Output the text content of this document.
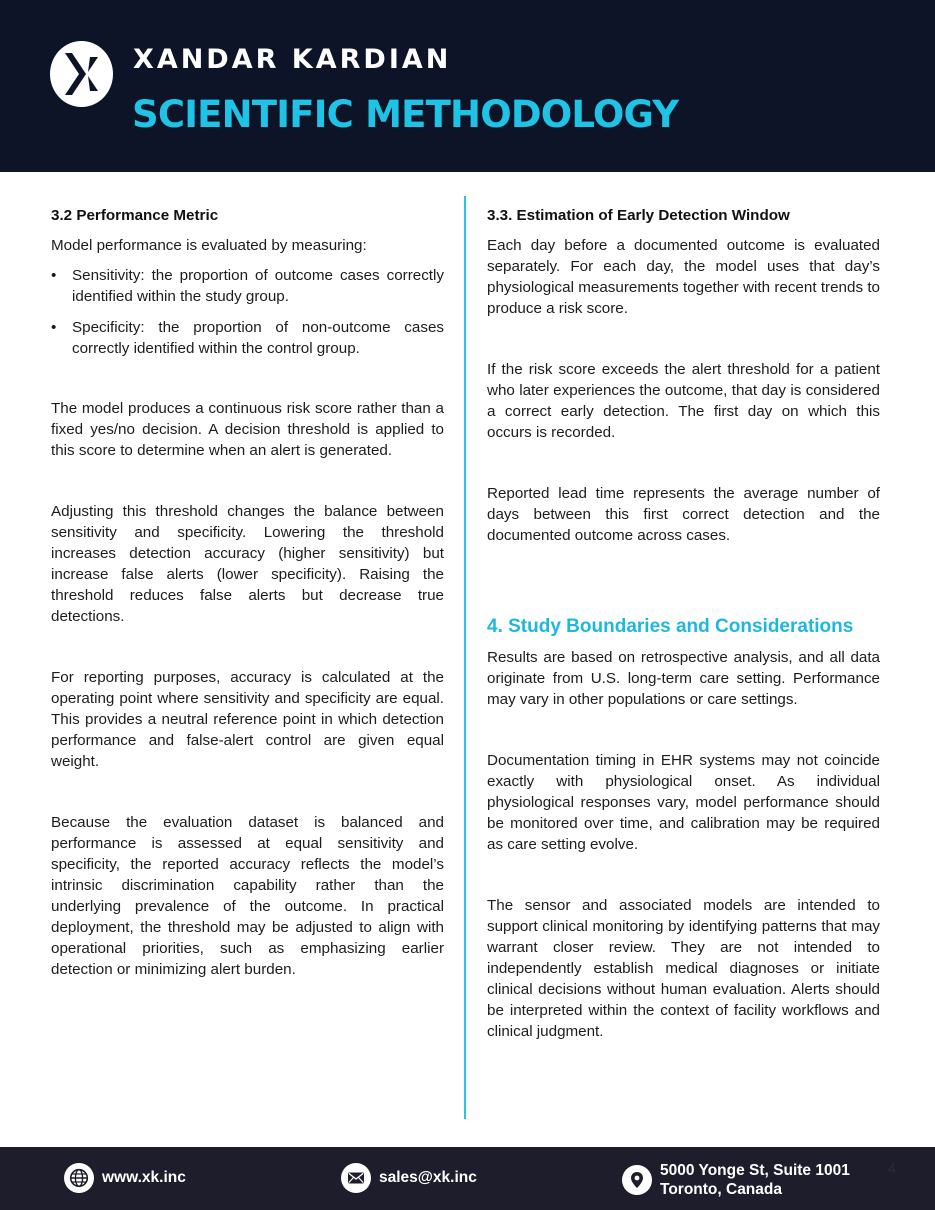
XANDAR KARDIAN
SCIENTIFIC METHODOLOGY
3.2 Performance Metric

Model performance is evaluated by measuring:

• Sensitivity: the proportion of outcome cases correctly identified within the study group.
• Specificity: the proportion of non-outcome cases correctly identified within the control group.

The model produces a continuous risk score rather than a fixed yes/no decision. A decision threshold is applied to this score to determine when an alert is generated.

Adjusting this threshold changes the balance between sensitivity and specificity. Lowering the threshold increases detection accuracy (higher sensitivity) but increase false alerts (lower specificity). Raising the threshold reduces false alerts but decrease true detections.

For reporting purposes, accuracy is calculated at the operating point where sensitivity and specificity are equal. This provides a neutral reference point in which detection performance and false-alert control are given equal weight.

Because the evaluation dataset is balanced and performance is assessed at equal sensitivity and specificity, the reported accuracy reflects the model’s intrinsic discrimination capability rather than the underlying prevalence of the outcome. In practical deployment, the threshold may be adjusted to align with operational priorities, such as emphasizing earlier detection or minimizing alert burden.

3.3. Estimation of Early Detection Window

Each day before a documented outcome is evaluated separately. For each day, the model uses that day’s physiological measurements together with recent trends to produce a risk score.

If the risk score exceeds the alert threshold for a patient who later experiences the outcome, that day is considered a correct early detection. The first day on which this occurs is recorded.

Reported lead time represents the average number of days between this first correct detection and the documented outcome across cases.

4. Study Boundaries and Considerations

Results are based on retrospective analysis, and all data originate from U.S. long-term care setting. Performance may vary in other populations or care settings.

Documentation timing in EHR systems may not coincide exactly with physiological onset. As individual physiological responses vary, model performance should be monitored over time, and calibration may be required as care setting evolve.

The sensor and associated models are intended to support clinical monitoring by identifying patterns that may warrant closer review. They are not intended to independently establish medical diagnoses or initiate clinical decisions without human evaluation. Alerts should be interpreted within the context of facility workflows and clinical judgment.

www.xk.inc	sales@xk.inc	5000 Yonge St, Suite 1001
Toronto, Canada
4
